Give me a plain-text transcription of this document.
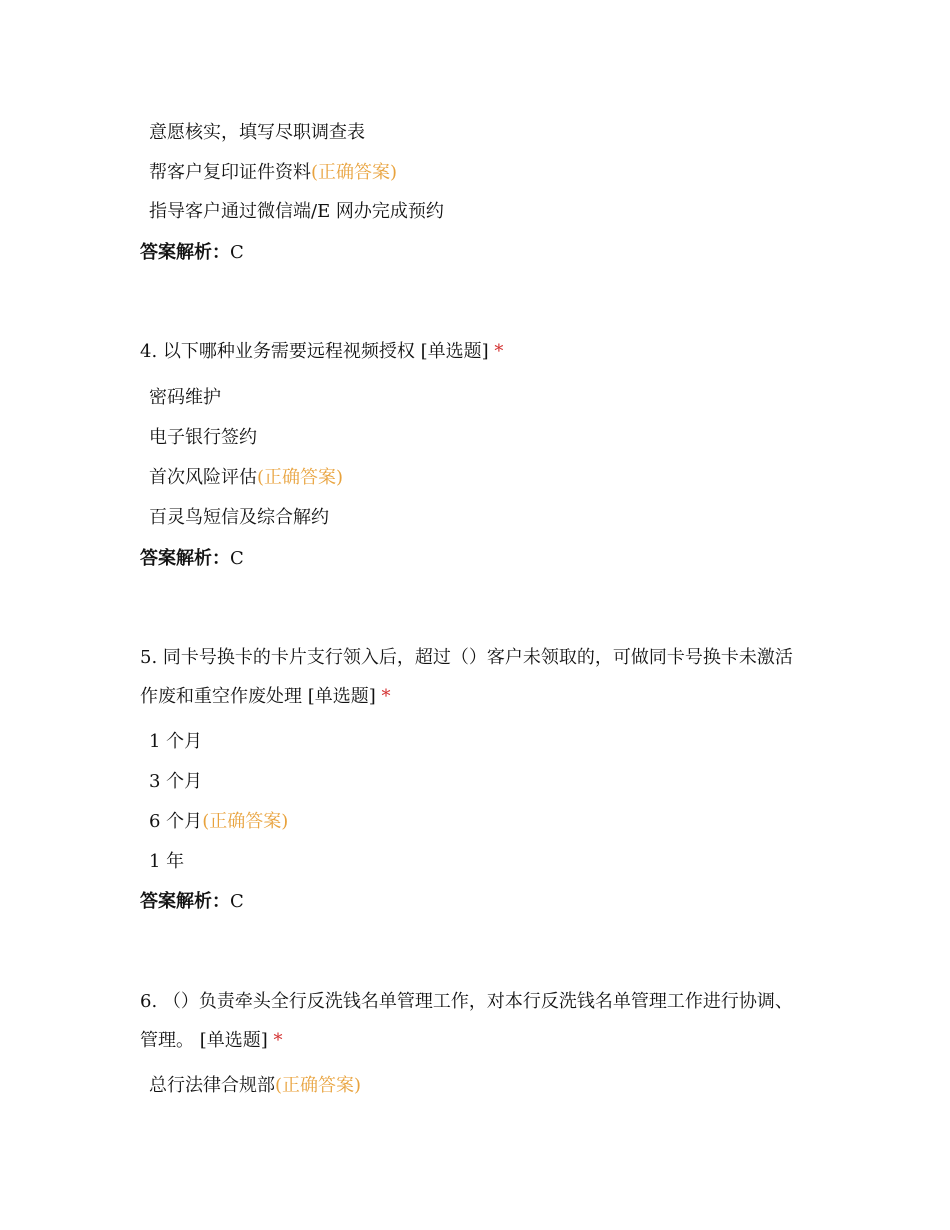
意愿核实，填写尽职调查表
帮客户复印证件资料(正确答案)
指导客户通过微信端/E 网办完成预约
答案解析：C
4. 以下哪种业务需要远程视频授权 [单选题] *
密码维护
电子银行签约
首次风险评估(正确答案)
百灵鸟短信及综合解约
答案解析：C
5. 同卡号换卡的卡片支行领入后，超过（）客户未领取的，可做同卡号换卡未激活
作废和重空作废处理 [单选题] *
1 个月
3 个月
6 个月(正确答案)
1 年
答案解析：C
6. （）负责牵头全行反洗钱名单管理工作，对本行反洗钱名单管理工作进行协调、
管理。 [单选题] *
总行法律合规部(正确答案)
